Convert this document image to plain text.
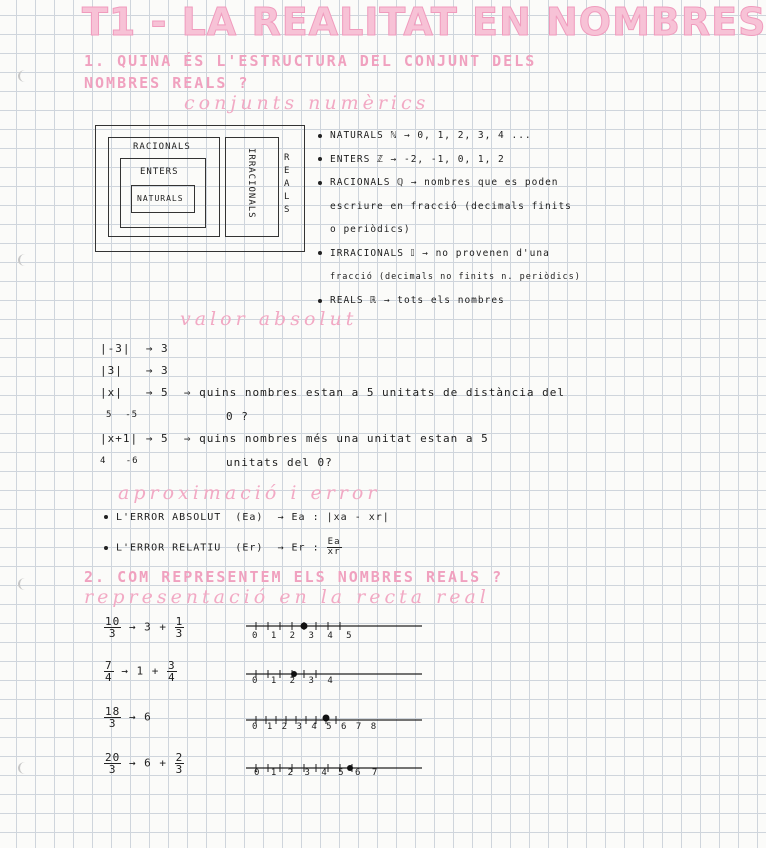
T1 - LA REALITAT EN NOMBRES
1. QUINA ÉS L'ESTRUCTURA DEL CONJUNT DELS
NOMBRES REALS ?
conjunts numèrics
RACIONALS
ENTERS
NATURALS	IRRACIONALS	REALS
NATURALS ℕ → 0, 1, 2, 3, 4 ...
ENTERS ℤ → -2, -1, 0, 1, 2
RACIONALS ℚ → nombres que es poden
escriure en fracció (decimals finits
o periòdics)
IRRACIONALS 𝕀 → no provenen d'una
fracció (decimals no finits n. periòdics)
REALS ℝ → tots els nombres
valor absolut
|-3| → 3
|3| → 3
|x| → 5 ⇒ quins nombres estan a 5 unitats de distància del
5 -5	0 ?
|x+1| → 5 ⇒ quins nombres més una unitat estan a 5
4 -6	unitats del 0?
aproximació i error
L'ERROR ABSOLUT (Ea) → Ea : |xa - xr|
L'ERROR RELATIU (Er) → Er : $\frac{Ea}{xr}$
2. COM REPRESENTEM ELS NOMBRES REALS ?
representació en la recta real
$\frac{10}{3} \to 3 + \frac{1}{3}$
$\frac{7}{4} \to 1 + \frac{3}{4}$
$\frac{18}{3} \to 6$
$\frac{20}{3} \to 6 + \frac{2}{3}$
0 1 2 3 4 5
0 1 2 3 4
0 1 2 3 4 5 6 7 8
0 1 2 3 4 5 6 7
